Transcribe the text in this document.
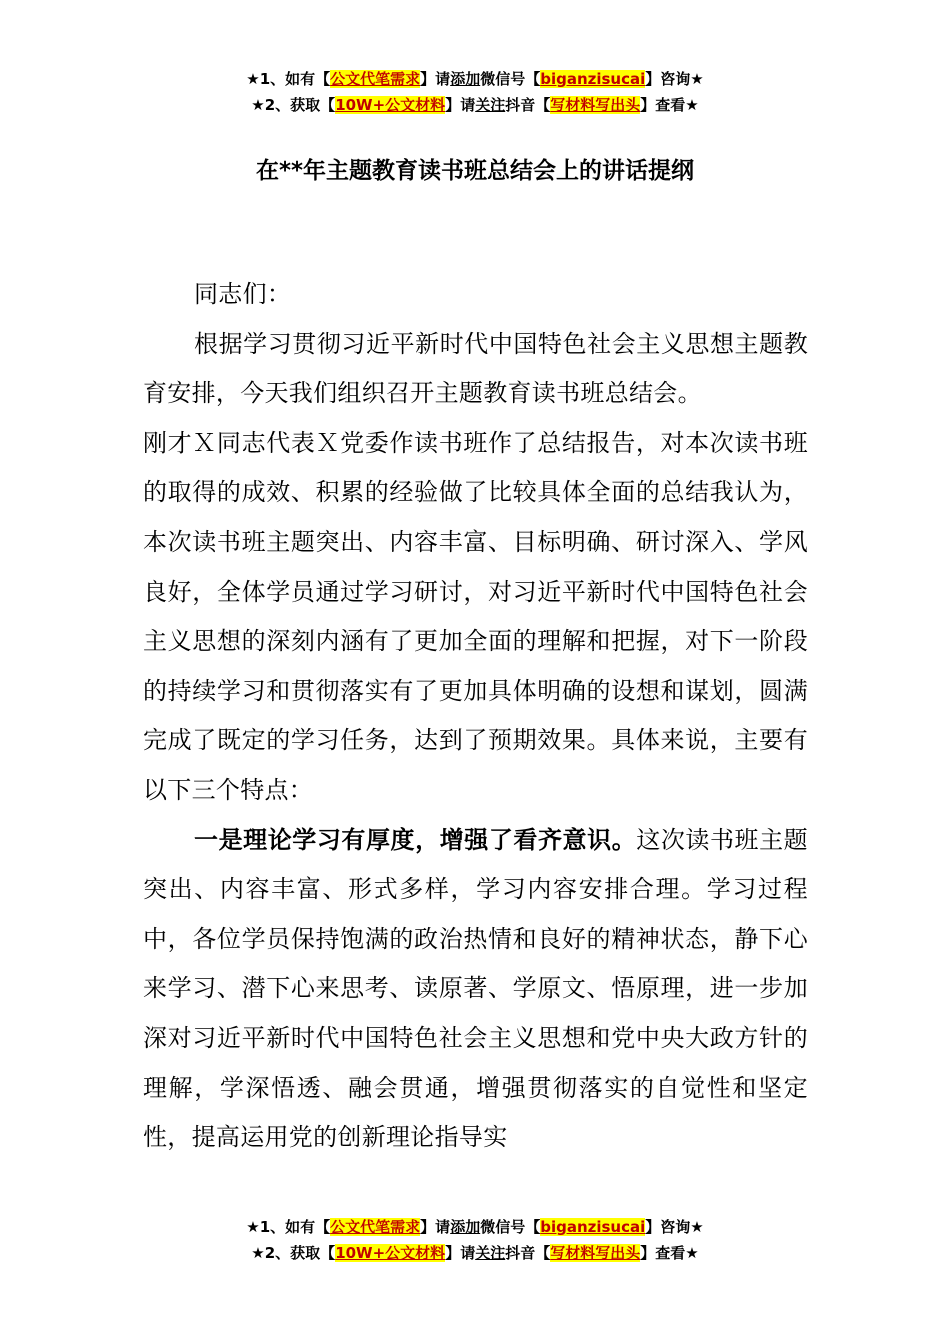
★1、如有【公文代笔需求】请添加微信号【biganzisucai】咨询★
★2、获取【10W+公文材料】请关注抖音【写材料写出头】查看★
在**年主题教育读书班总结会上的讲话提纲

同志们：

根据学习贯彻习近平新时代中国特色社会主义思想主题教育安排，今天我们组织召开主题教育读书班总结会。

刚才Ｘ同志代表Ｘ党委作读书班作了总结报告，对本次读书班的取得的成效、积累的经验做了比较具体全面的总结我认为，本次读书班主题突出、内容丰富、目标明确、研讨深入、学风良好，全体学员通过学习研讨，对习近平新时代中国特色社会主义思想的深刻内涵有了更加全面的理解和把握，对下一阶段的持续学习和贯彻落实有了更加具体明确的设想和谋划，圆满完成了既定的学习任务，达到了预期效果。具体来说，主要有以下三个特点：

一是理论学习有厚度，增强了看齐意识。这次读书班主题突出、内容丰富、形式多样，学习内容安排合理。学习过程中，各位学员保持饱满的政治热情和良好的精神状态，静下心来学习、潜下心来思考、读原著、学原文、悟原理，进一步加深对习近平新时代中国特色社会主义思想和党中央大政方针的理解，学深悟透、融会贯通，增强贯彻落实的自觉性和坚定性，提高运用党的创新理论指导实

★1、如有【公文代笔需求】请添加微信号【biganzisucai】咨询★
★2、获取【10W+公文材料】请关注抖音【写材料写出头】查看★
